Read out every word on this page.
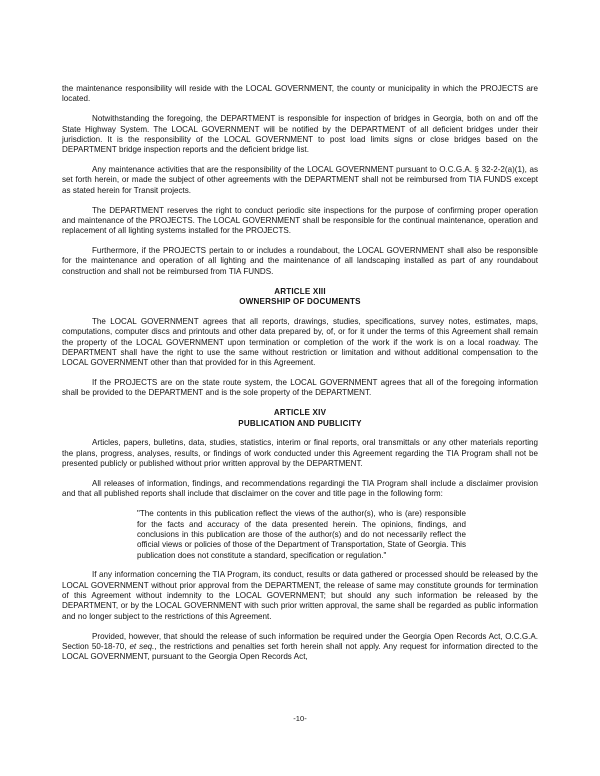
the maintenance responsibility will reside with the LOCAL GOVERNMENT, the county or municipality in which the PROJECTS are located.

Notwithstanding the foregoing, the DEPARTMENT is responsible for inspection of bridges in Georgia, both on and off the State Highway System. The LOCAL GOVERNMENT will be notified by the DEPARTMENT of all deficient bridges under their jurisdiction. It is the responsibility of the LOCAL GOVERNMENT to post load limits signs or close bridges based on the DEPARTMENT bridge inspection reports and the deficient bridge list.

Any maintenance activities that are the responsibility of the LOCAL GOVERNMENT pursuant to O.C.G.A. § 32-2-2(a)(1), as set forth herein, or made the subject of other agreements with the DEPARTMENT shall not be reimbursed from TIA FUNDS except as stated herein for Transit projects.

The DEPARTMENT reserves the right to conduct periodic site inspections for the purpose of confirming proper operation and maintenance of the PROJECTS. The LOCAL GOVERNMENT shall be responsible for the continual maintenance, operation and replacement of all lighting systems installed for the PROJECTS.

Furthermore, if the PROJECTS pertain to or includes a roundabout, the LOCAL GOVERNMENT shall also be responsible for the maintenance and operation of all lighting and the maintenance of all landscaping installed as part of any roundabout construction and shall not be reimbursed from TIA FUNDS.

ARTICLE XIII
OWNERSHIP OF DOCUMENTS

The LOCAL GOVERNMENT agrees that all reports, drawings, studies, specifications, survey notes, estimates, maps, computations, computer discs and printouts and other data prepared by, of, or for it under the terms of this Agreement shall remain the property of the LOCAL GOVERNMENT upon termination or completion of the work if the work is on a local roadway. The DEPARTMENT shall have the right to use the same without restriction or limitation and without additional compensation to the LOCAL GOVERNMENT other than that provided for in this Agreement.

If the PROJECTS are on the state route system, the LOCAL GOVERNMENT agrees that all of the foregoing information shall be provided to the DEPARTMENT and is the sole property of the DEPARTMENT.

ARTICLE XIV
PUBLICATION AND PUBLICITY

Articles, papers, bulletins, data, studies, statistics, interim or final reports, oral transmittals or any other materials reporting the plans, progress, analyses, results, or findings of work conducted under this Agreement regarding the TIA Program shall not be presented publicly or published without prior written approval by the DEPARTMENT.

All releases of information, findings, and recommendations regardingi the TIA Program shall include a disclaimer provision and that all published reports shall include that disclaimer on the cover and title page in the following form:

"The contents in this publication reflect the views of the author(s), who is (are) responsible for the facts and accuracy of the data presented herein. The opinions, findings, and conclusions in this publication are those of the author(s) and do not necessarily reflect the official views or policies of those of the Department of Transportation, State of Georgia. This publication does not constitute a standard, specification or regulation."

If any information concerning the TIA Program, its conduct, results or data gathered or processed should be released by the LOCAL GOVERNMENT without prior approval from the DEPARTMENT, the release of same may constitute grounds for termination of this Agreement without indemnity to the LOCAL GOVERNMENT; but should any such information be released by the DEPARTMENT, or by the LOCAL GOVERNMENT with such prior written approval, the same shall be regarded as public information and no longer subject to the restrictions of this Agreement.

Provided, however, that should the release of such information be required under the Georgia Open Records Act, O.C.G.A. Section 50-18-70, et seq., the restrictions and penalties set forth herein shall not apply. Any request for information directed to the LOCAL GOVERNMENT, pursuant to the Georgia Open Records Act,

-10-
